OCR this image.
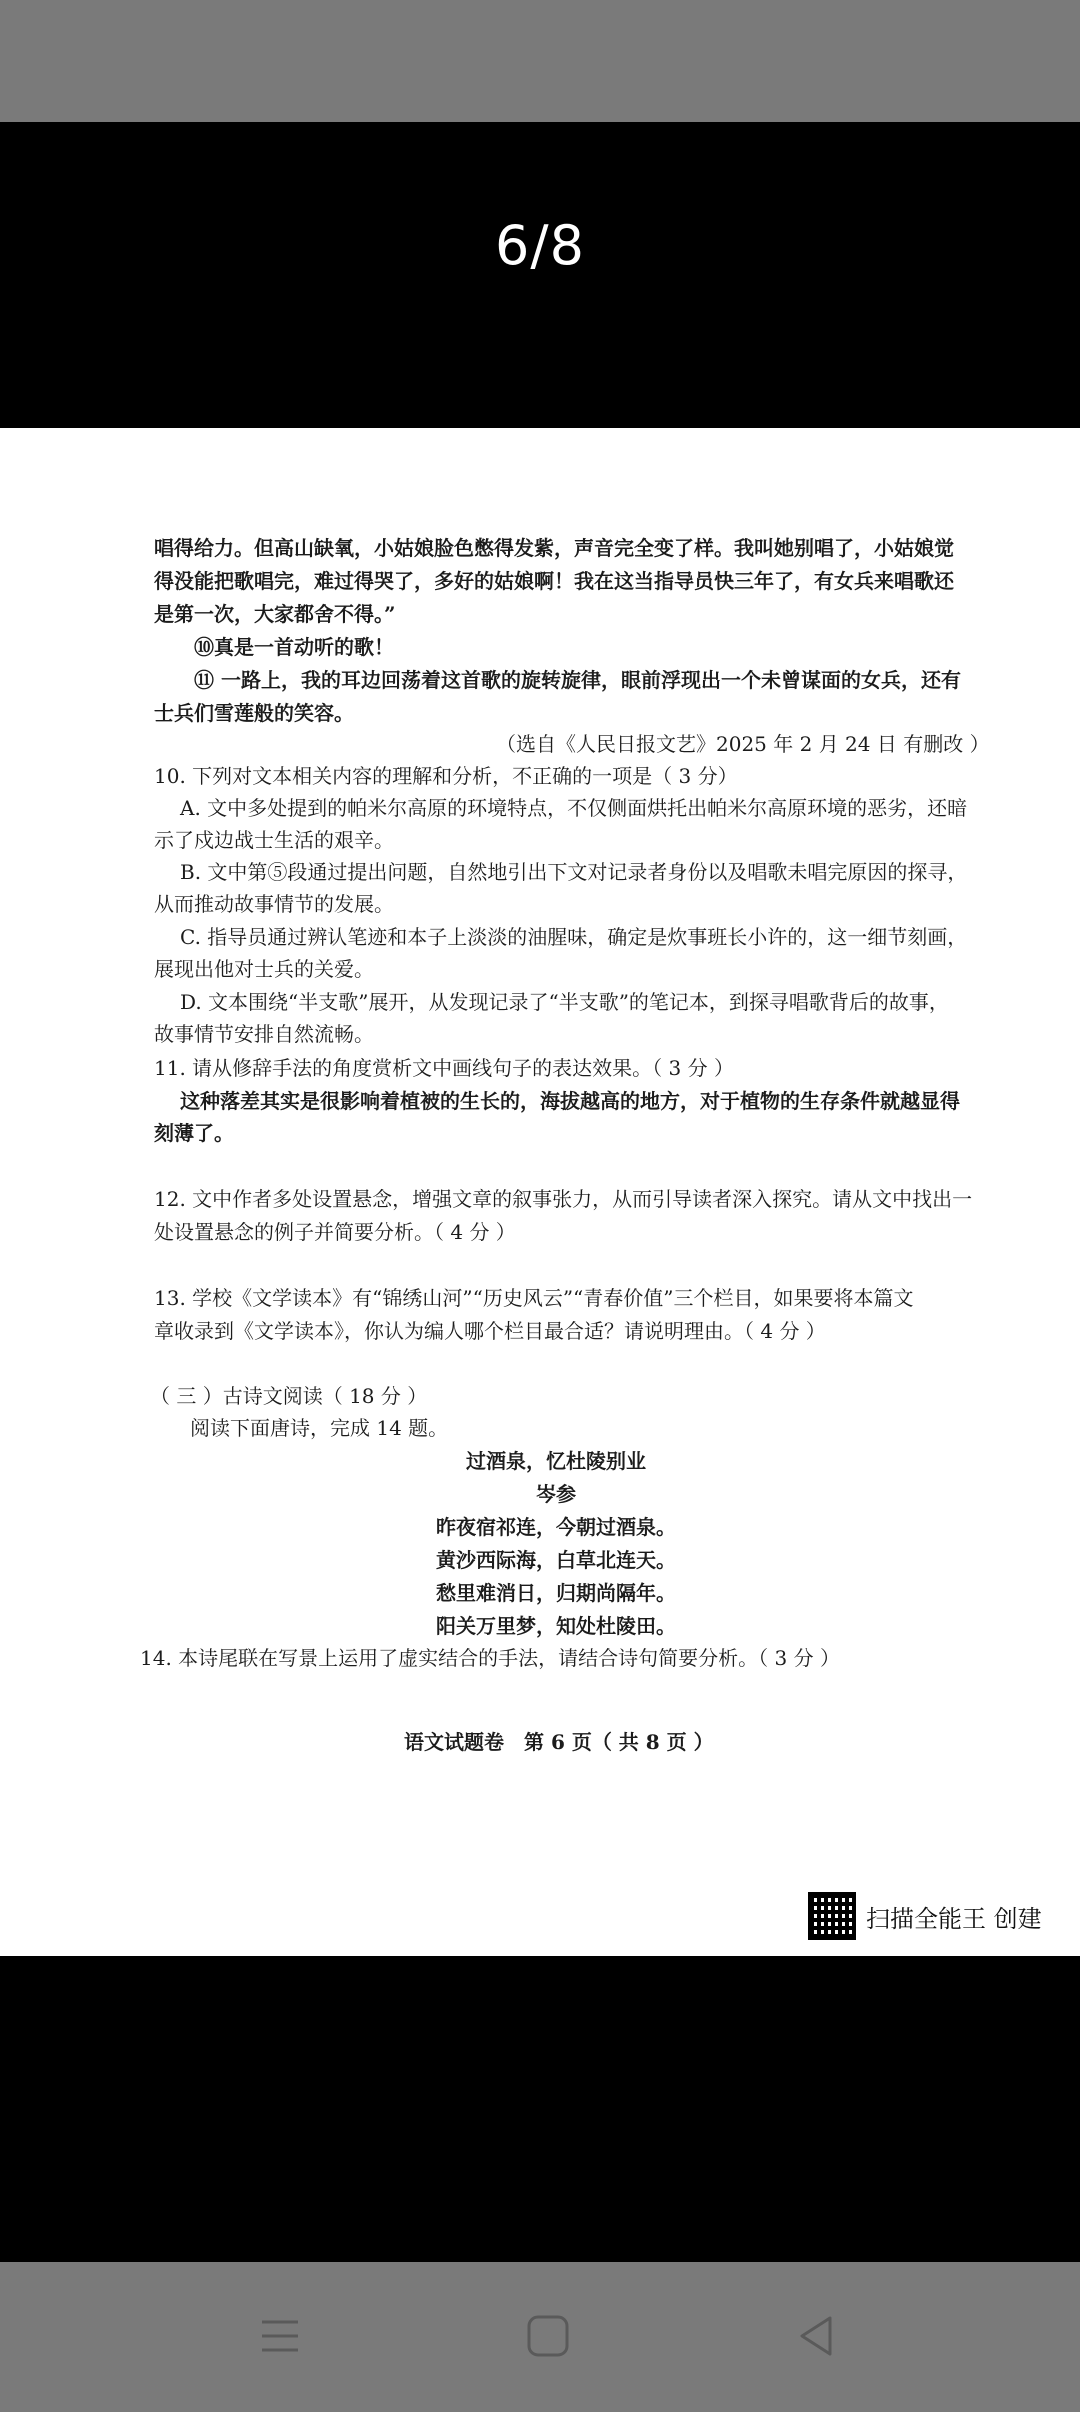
6/8
唱得给力。但高山缺氧，小姑娘脸色憋得发紫，声音完全变了样。我叫她别唱了，小姑娘觉
得没能把歌唱完，难过得哭了，多好的姑娘啊！我在这当指导员快三年了，有女兵来唱歌还
是第一次，大家都舍不得。”
⑩真是一首动听的歌！
⑪ 一路上，我的耳边回荡着这首歌的旋转旋律，眼前浮现出一个未曾谋面的女兵，还有
士兵们雪莲般的笑容。
（选自《人民日报文艺》2025 年 2 月 24 日 有删改 ）
10. 下列对文本相关内容的理解和分析，不正确的一项是（ 3 分）
A. 文中多处提到的帕米尔高原的环境特点，不仅侧面烘托出帕米尔高原环境的恶劣，还暗
示了戍边战士生活的艰辛。
B. 文中第⑤段通过提出问题，自然地引出下文对记录者身份以及唱歌未唱完原因的探寻，
从而推动故事情节的发展。
C. 指导员通过辨认笔迹和本子上淡淡的油腥味，确定是炊事班长小许的，这一细节刻画，
展现出他对士兵的关爱。
D. 文本围绕“半支歌”展开，从发现记录了“半支歌”的笔记本，到探寻唱歌背后的故事，
故事情节安排自然流畅。
11. 请从修辞手法的角度赏析文中画线句子的表达效果。（ 3 分 ）
这种落差其实是很影响着植被的生长的，海拔越高的地方，对于植物的生存条件就越显得
刻薄了。
12. 文中作者多处设置悬念，增强文章的叙事张力，从而引导读者深入探究。请从文中找出一
处设置悬念的例子并简要分析。（ 4 分 ）
13. 学校《文学读本》有“锦绣山河”“历史风云”“青春价值”三个栏目，如果要将本篇文
章收录到《文学读本》，你认为编人哪个栏目最合适？请说明理由。（ 4 分 ）
（ 三 ）古诗文阅读（ 18 分 ）
阅读下面唐诗，完成 14 题。
过酒泉，忆杜陵别业
岑参
昨夜宿祁连，今朝过酒泉。
黄沙西际海，白草北连天。
愁里难消日，归期尚隔年。
阳关万里梦，知处杜陵田。
14. 本诗尾联在写景上运用了虚实结合的手法，请结合诗句简要分析。（ 3 分 ）
语文试题卷　第 6 页（ 共 8 页 ）
扫描全能王 创建
